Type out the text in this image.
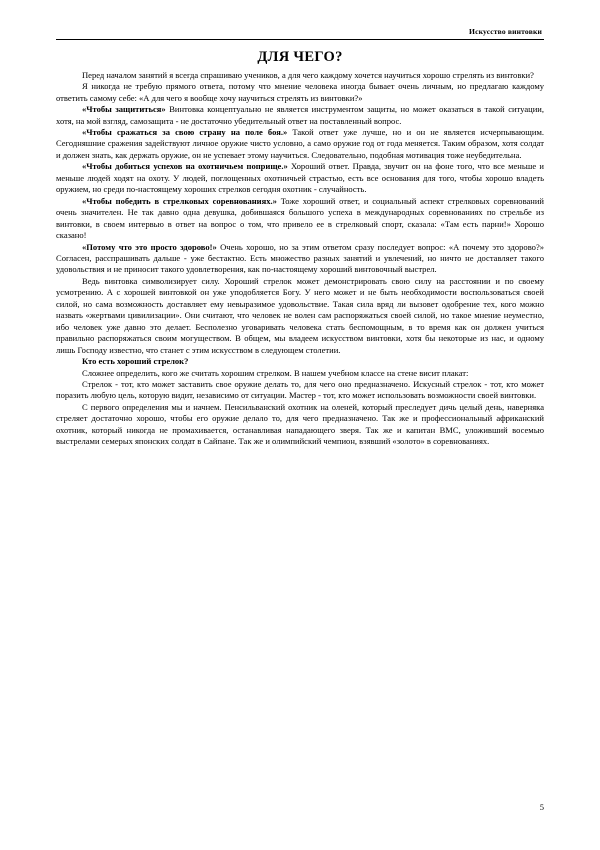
Искусство винтовки
ДЛЯ ЧЕГО?

Перед началом занятий я всегда спрашиваю учеников, а для чего каждому хочется научиться хорошо стрелять из винтовки?

Я никогда не требую прямого ответа, потому что мнение человека иногда бывает очень личным, но предлагаю каждому ответить самому себе: «А для чего я вообще хочу научиться стрелять из винтовки?»

«Чтобы защититься» Винтовка концептуально не является инструментом защиты, но может оказаться в такой ситуации, хотя, на мой взгляд, самозащита - не достаточно убедительный ответ на поставленный вопрос.

«Чтобы сражаться за свою страну на поле боя.» Такой ответ уже лучше, но и он не является исчерпывающим. Сегодняшние сражения задействуют личное оружие чисто условно, а само оружие год от года меняется. Таким образом, хотя солдат и должен знать, как держать оружие, он не успевает этому научиться. Следовательно, подобная мотивация тоже неубедительна.

«Чтобы добиться успехов на охотничьем поприще.» Хороший ответ. Правда, звучит он на фоне того, что все меньше и меньше людей ходят на охоту. У людей, поглощенных охотничьей страстью, есть все основания для того, чтобы хорошо владеть оружием, но среди по-настоящему хороших стрелков сегодня охотник - случайность.

«Чтобы победить в стрелковых соревнованиях.» Тоже хороший ответ, и социальный аспект стрелковых соревнований очень значителен. Не так давно одна девушка, добившаяся большого успеха в международных соревнованиях по стрельбе из винтовки, в своем интервью в ответ на вопрос о том, что привело ее в стрелковый спорт, сказала: «Там есть парни!» Хорошо сказано!

«Потому что это просто здорово!» Очень хорошо, но за этим ответом сразу последует вопрос: «А почему это здорово?» Согласен, расспрашивать дальше - уже бестактно. Есть множество разных занятий и увлечений, но ничто не доставляет такого удовольствия и не приносит такого удовлетворения, как по-настоящему хороший винтовочный выстрел.

Ведь винтовка символизирует силу. Хороший стрелок может демонстрировать свою силу на расстоянии и по своему усмотрению. А с хорошей винтовкой он уже уподобляется Богу. У него может и не быть необходимости воспользоваться своей силой, но сама возможность доставляет ему невыразимое удовольствие. Такая сила вряд ли вызовет одобрение тех, кого можно назвать «жертвами цивилизации». Они считают, что человек не волен сам распоряжаться своей силой, но такое мнение неуместно, ибо человек уже давно это делает. Бесполезно уговаривать человека стать беспомощным, в то время как он должен учиться правильно распоряжаться своим могуществом. В общем, мы владеем искусством винтовки, хотя бы некоторые из нас, и одному лишь Господу известно, что станет с этим искусством в следующем столетии.

Кто есть хороший стрелок?

Сложнее определить, кого же считать хорошим стрелком. В нашем учебном классе на стене висит плакат:

Стрелок - тот, кто может заставить свое оружие делать то, для чего оно предназначено. Искусный стрелок - тот, кто может поразить любую цель, которую видит, независимо от ситуации. Мастер - тот, кто может использовать возможности своей винтовки.

С первого определения мы и начнем. Пенсильванский охотник на оленей, который преследует дичь целый день, наверняка стреляет достаточно хорошо, чтобы его оружие делало то, для чего предназначено. Так же и профессиональный африканский охотник, который никогда не промахивается, останавливая нападающего зверя. Так же и капитан ВМС, уложивший восемью выстрелами семерых японских солдат в Сайпане. Так же и олимпийский чемпион, взявший «золото» в соревнованиях.

5
